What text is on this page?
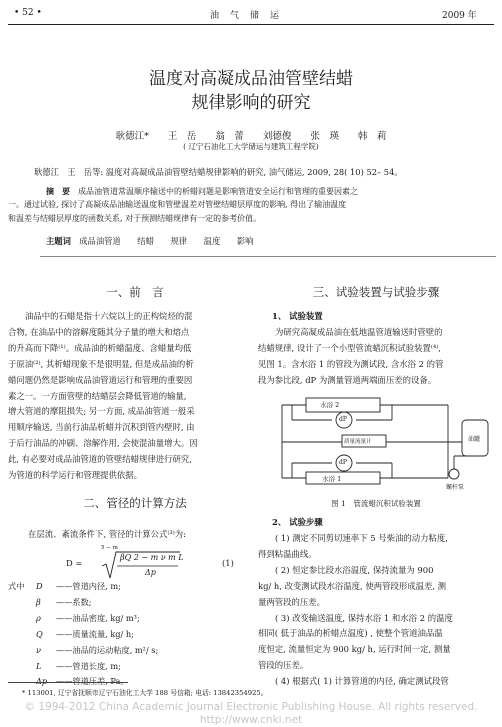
• 52 •	油　气　储　运	2009 年
温度对高凝成品油管壁结蜡
规律影响的研究
耿德江*　　王　岳　　翁　蕾　　刘德俊　　张　瑛　　韩　莉
( 辽宁石油化工大学储运与建筑工程学院)
耿德江　王　岳等: 温度对高凝成品油管壁结蜡规律影响的研究, 油气储运, 2009, 28( 10) 52– 54。
摘　要　 成品油管道常温顺序输送中的析蜡问题是影响管道安全运行和管理的重要因素之
一。通过试验, 探讨了高凝成品油输送温度和管壁温差对管壁结蜡层厚度的影响, 得出了输油温度
和温差与结蜡层厚度的函数关系, 对于预测结蜡规律有一定的参考价值。
主题词　 成品油管道　　结蜡　　规律　　温度　　影响
一、前　言
油品中的石蜡是指十六烷以上的正构烷烃的混
合物, 在油品中的溶解度随其分子量的增大和熔点
的升高而下降⁽¹⁾。成品油的析蜡温度、含蜡量均低
于原油⁽²⁾, 其析蜡现象不是很明显, 但是成品油的析
蜡问题仍然是影响成品油管道运行和管理的重要因
素之一。一方面管壁的结蜡层会降低管道的输量,
增大管道的摩阻损失; 另一方面, 成品油管道一般采
用顺序输送, 当前行油品析蜡并沉积到管内壁时, 由
于后行油品的冲刷、溶解作用, 会使混油量增大。因
此, 有必要对成品油管道的管壁结蜡规律进行研究,
为管道的科学运行和管理提供依据。
二、管径的计算方法
在层流、紊流条件下, 管径的计算公式⁽³⁾为:
D =
5 − m
βQ 2 − m ν m L
Δp
(1)
式中 D ——管道内径, m;
β ——系数;
ρ ——油品密度, kg/ m³;
Q ——质量流量, kg/ h;
ν ——油品的运动粘度, m²/ s;
L ——管道长度, m;
三、试验装置与试验步骤
1、 试验装置
为研究高凝成品油在低地温管道输送时管壁的
结蜡规律, 设计了一个小型管流蜡沉积试验装置⁽⁴⁾,
见图 1。含水浴 1 的管段为测试段, 含水浴 2 的管
段为参比段, dP 为测量管道两端面压差的设备。
水浴 2
水浴 1
dP
dP
油罐
质量流量计
螺杆泵
图 1　管流蜡沉积试验装置
2、 试验步骤
( 1) 测定不同剪切速率下 5 号柴油的动力粘度,
得到粘温曲线。
( 2) 恒定参比段水浴温度, 保持流量为 900
kg/ h, 改变测试段水浴温度, 使两管段形成温差, 测
量两管段的压差。
( 3) 改变输送温度, 保持水浴 1 和水浴 2 的温度
相同( 低于油品的析蜡点温度) , 使整个管道油品温
度恒定, 流量恒定为 900 kg/ h, 运行时间一定, 测量
管段的压差。
( 4) 根据式( 1) 计算管道的内径, 确定测试段管
* 113001, 辽宁省抚顺市辽宁石油化工大学 188 号信箱; 电话: 13842354925。
© 1994-2012 China Academic Journal Electronic Publishing House. All rights reserved.　http://www.cnki.net
